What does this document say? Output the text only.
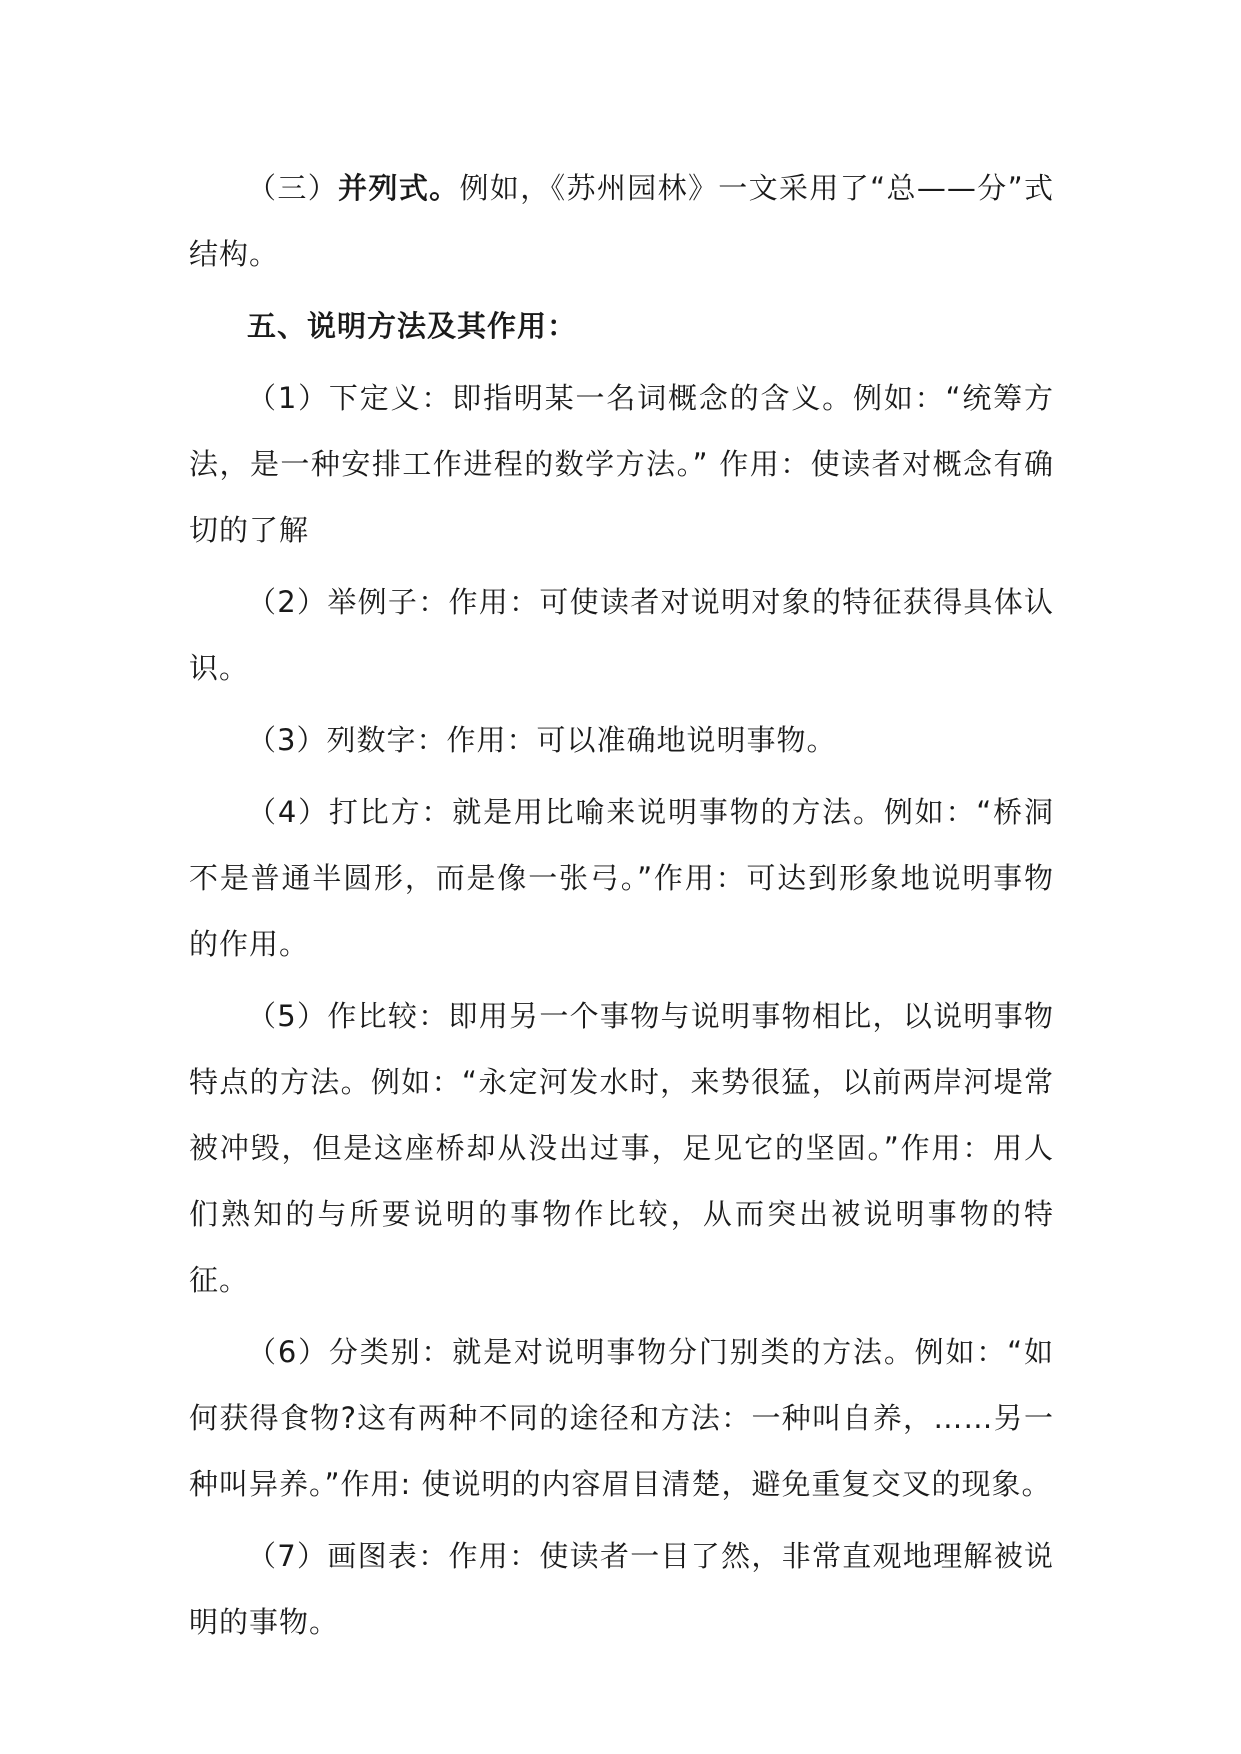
（三）并列式。例如，《苏州园林》一文采用了“总——分”式结构。

五、说明方法及其作用：

（1）下定义：即指明某一名词概念的含义。例如：“统筹方法，是一种安排工作进程的数学方法。” 作用：使读者对概念有确切的了解

（2）举例子：作用：可使读者对说明对象的特征获得具体认识。

（3）列数字：作用：可以准确地说明事物。

（4）打比方：就是用比喻来说明事物的方法。例如：“桥洞不是普通半圆形，而是像一张弓。”作用：可达到形象地说明事物的作用。

（5）作比较：即用另一个事物与说明事物相比，以说明事物特点的方法。例如：“永定河发水时，来势很猛，以前两岸河堤常被冲毁，但是这座桥却从没出过事，足见它的坚固。”作用：用人们熟知的与所要说明的事物作比较，从而突出被说明事物的特征。

（6）分类别：就是对说明事物分门别类的方法。例如：“如何获得食物?这有两种不同的途径和方法：一种叫自养，……另一种叫异养。”作用: 使说明的内容眉目清楚，避免重复交叉的现象。

（7）画图表：作用：使读者一目了然，非常直观地理解被说明的事物。
